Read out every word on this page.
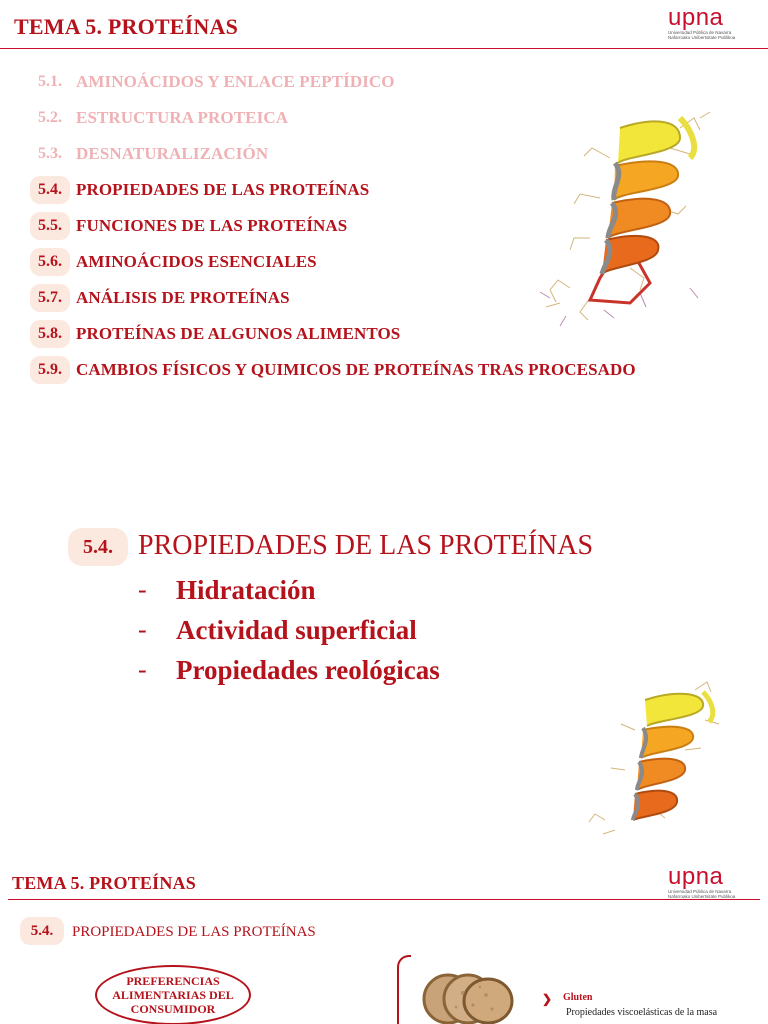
TEMA 5. PROTEÍNAS	upna
Universidad Pública de Navarra
Nafarroako Unibertsitate Publikoa
5.1. AMINOÁCIDOS Y ENLACE PEPTÍDICO
5.2. ESTRUCTURA PROTEICA
5.3. DESNATURALIZACIÓN
5.4. PROPIEDADES DE LAS PROTEÍNAS
5.5. FUNCIONES DE LAS PROTEÍNAS
5.6. AMINOÁCIDOS ESENCIALES
5.7. ANÁLISIS DE PROTEÍNAS
5.8. PROTEÍNAS DE ALGUNOS ALIMENTOS
5.9. CAMBIOS FÍSICOS Y QUIMICOS DE PROTEÍNAS TRAS PROCESADO
5.4. PROPIEDADES DE LAS PROTEÍNAS
-	Hidratación
-	Actividad superficial
-	Propiedades reológicas
TEMA 5. PROTEÍNAS	upna
Universidad Pública de Navarra
Nafarroako Unibertsitate Publikoa
5.4.	PROPIEDADES DE LAS PROTEÍNAS
PREFERENCIAS ALIMENTARIAS DEL CONSUMIDOR
❯ Gluten
Propiedades viscoelásticas de la masa
